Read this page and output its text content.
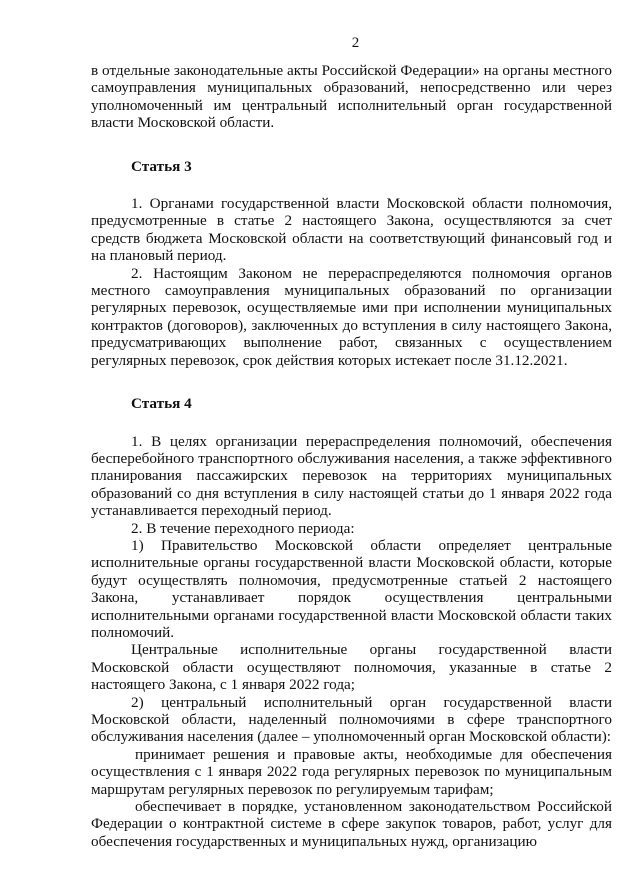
2

в отдельные законодательные акты Российской Федерации» на органы местного самоуправления муниципальных образований, непосредственно или через уполномоченный им центральный исполнительный орган государственной власти Московской области.

Статья 3

1. Органами государственной власти Московской области полномочия, предусмотренные в статье 2 настоящего Закона, осуществляются за счет средств бюджета Московской области на соответствующий финансовый год и на плановый период.

2. Настоящим Законом не перераспределяются полномочия органов местного самоуправления муниципальных образований по организации регулярных перевозок, осуществляемые ими при исполнении муниципальных контрактов (договоров), заключенных до вступления в силу настоящего Закона, предусматривающих выполнение работ, связанных с осуществлением регулярных перевозок, срок действия которых истекает после 31.12.2021.

Статья 4

1. В целях организации перераспределения полномочий, обеспечения бесперебойного транспортного обслуживания населения, а также эффективного планирования пассажирских перевозок на территориях муниципальных образований со дня вступления в силу настоящей статьи до 1 января 2022 года устанавливается переходный период.

2. В течение переходного периода:

1) Правительство Московской области определяет центральные исполнительные органы государственной власти Московской области, которые будут осуществлять полномочия, предусмотренные статьей 2 настоящего Закона, устанавливает порядок осуществления центральными исполнительными органами государственной власти Московской области таких полномочий.

Центральные исполнительные органы государственной власти Московской области осуществляют полномочия, указанные в статье 2 настоящего Закона, с 1 января 2022 года;

2) центральный исполнительный орган государственной власти Московской области, наделенный полномочиями в сфере транспортного обслуживания населения (далее – уполномоченный орган Московской области):

принимает решения и правовые акты, необходимые для обеспечения осуществления с 1 января 2022 года регулярных перевозок по муниципальным маршрутам регулярных перевозок по регулируемым тарифам;

обеспечивает в порядке, установленном законодательством Российской Федерации о контрактной системе в сфере закупок товаров, работ, услуг для обеспечения государственных и муниципальных нужд, организацию
